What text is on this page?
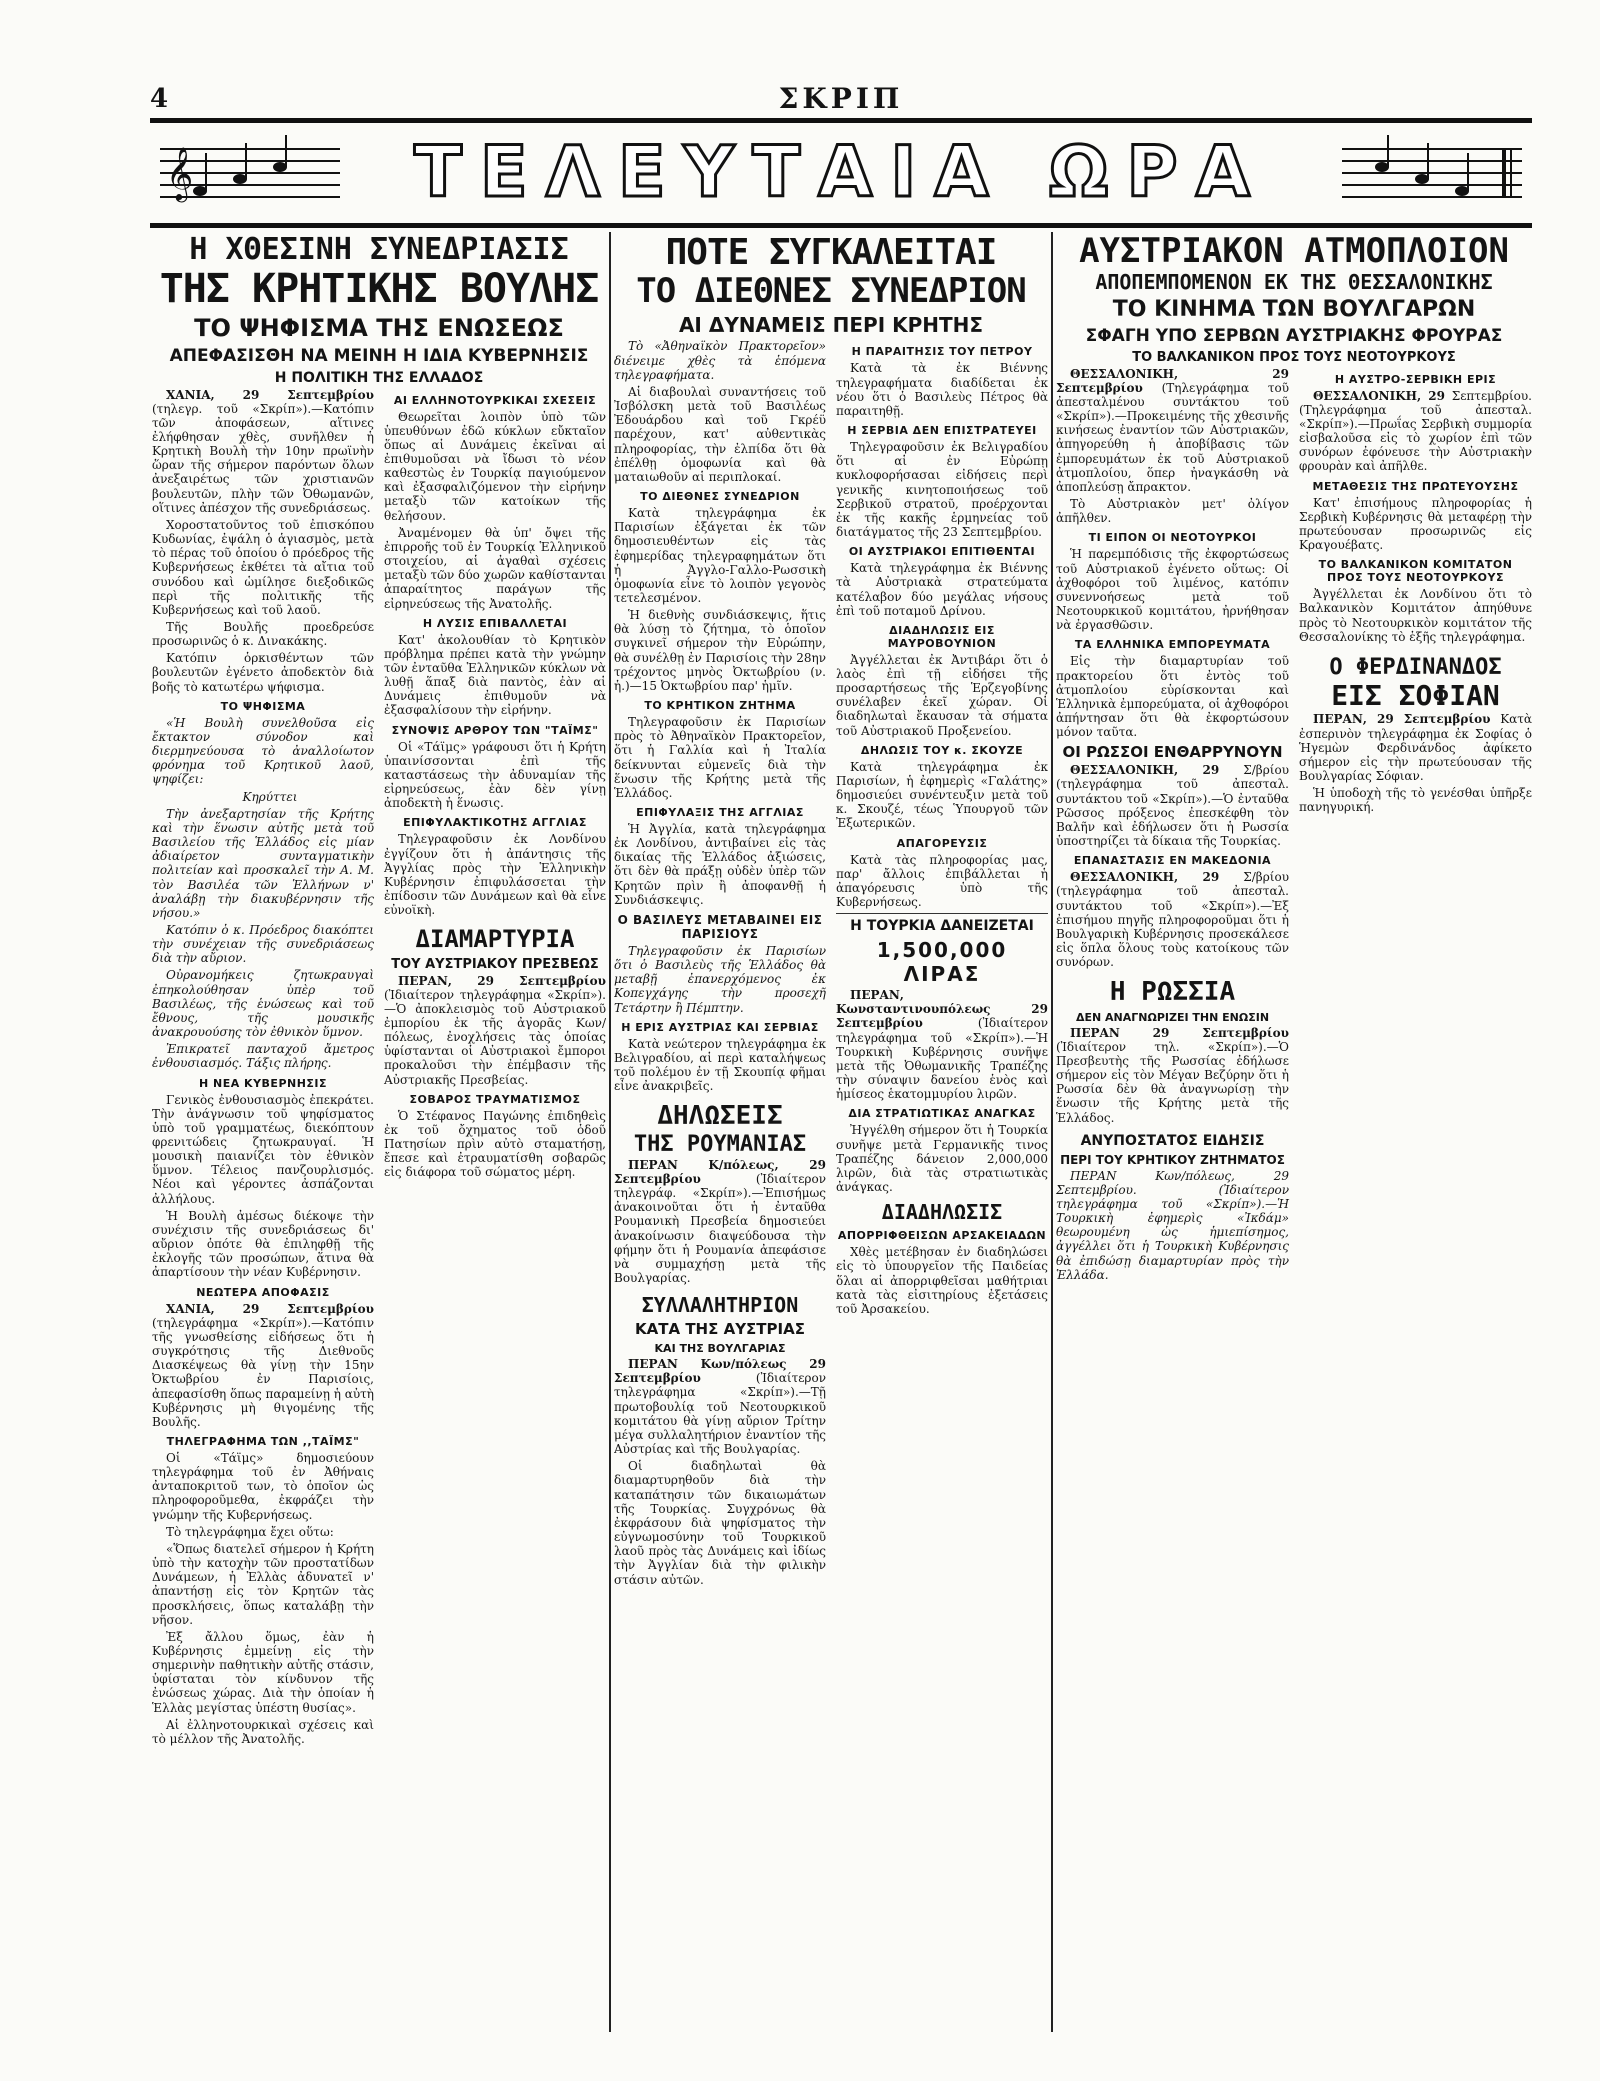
4	ΣΚΡΙΠ
𝄞	ΤΕΛΕΥΤΑΙΑ ΩΡΑ
Η ΧΘΕΣΙΝΗ ΣΥΝΕΔΡΙΑΣΙΣ
ΤΗΣ ΚΡΗΤΙΚΗΣ ΒΟΥΛΗΣ
ΤΟ ΨΗΦΙΣΜΑ ΤΗΣ ΕΝΩΣΕΩΣ
ΑΠΕΦΑΣΙΣΘΗ ΝΑ ΜΕΙΝΗ Η ΙΔΙΑ ΚΥΒΕΡΝΗΣΙΣ
Η ΠΟΛΙΤΙΚΗ ΤΗΣ ΕΛΛΑΔΟΣ

ΧΑΝΙΑ, 29 Σεπτεμβρίου (τηλεγρ. τοῦ «Σκρίπ»).—Κατόπιν τῶν ἀποφάσεων, αἵτινες ἐλήφθησαν χθὲς, συνῆλθεν ἡ Κρητικὴ Βουλὴ τὴν 10ην πρωϊνὴν ὥραν τῆς σήμερον παρόντων ὅλων ἀνεξαιρέτως τῶν χριστιανῶν βουλευτῶν, πλὴν τῶν Ὀθωμανῶν, οἵτινες ἀπέσχον τῆς συνεδριάσεως.

Χοροστατοῦντος τοῦ ἐπισκόπου Κυδωνίας, ἐψάλη ὁ ἁγιασμὸς, μετὰ τὸ πέρας τοῦ ὁποίου ὁ πρόεδρος τῆς Κυβερνήσεως ἐκθέτει τὰ αἴτια τοῦ συνόδου καὶ ὡμίλησε διεξοδικῶς περὶ τῆς πολιτικῆς τῆς Κυβερνήσεως καὶ τοῦ λαοῦ.

Τῆς Βουλῆς προεδρεύσε προσωρινῶς ὁ κ. Δινακάκης.

Κατόπιν ὁρκισθέντων τῶν βουλευτῶν ἐγένετο ἀποδεκτὸν διὰ βοῆς τὸ κατωτέρω ψήφισμα.

ΤΟ ΨΗΦΙΣΜΑ

«Ἡ Βουλὴ συνελθοῦσα εἰς ἔκτακτον σύνοδον καὶ διερμηνεύουσα τὸ ἀναλλοίωτον φρόνημα τοῦ Κρητικοῦ λαοῦ, ψηφίζει:

Κηρύττει

Τὴν ἀνεξαρτησίαν τῆς Κρήτης καὶ τὴν ἕνωσιν αὐτῆς μετὰ τοῦ Βασιλείου τῆς Ἑλλάδος εἰς μίαν ἀδιαίρετον συνταγματικὴν πολιτείαν καὶ προσκαλεῖ τὴν Α. Μ. τὸν Βασιλέα τῶν Ἑλλήνων ν' ἀναλάβῃ τὴν διακυβέρνησιν τῆς νήσου.»

Κατόπιν ὁ κ. Πρόεδρος διακόπτει τὴν συνέχειαν τῆς συνεδριάσεως διὰ τὴν αὔριον.

Οὐρανομήκεις ζητωκραυγαὶ ἐπηκολούθησαν ὑπὲρ τοῦ Βασιλέως, τῆς ἑνώσεως καὶ τοῦ ἔθνους, τῆς μουσικῆς ἀνακρουούσης τὸν ἐθνικὸν ὕμνον.

Ἐπικρατεῖ πανταχοῦ ἄμετρος ἐνθουσιασμός. Τάξις πλήρης.

Η ΝΕΑ ΚΥΒΕΡΝΗΣΙΣ

Γενικὸς ἐνθουσιασμὸς ἐπεκράτει. Τὴν ἀνάγνωσιν τοῦ ψηφίσματος ὑπὸ τοῦ γραμματέως, διεκόπτουν φρενιτώδεις ζητωκραυγαί. Ἡ μουσικὴ παιανίζει τὸν ἐθνικὸν ὕμνον. Τέλειος πανζουρλισμός. Νέοι καὶ γέροντες ἀσπάζονται ἀλλήλους.

Ἡ Βουλὴ ἀμέσως διέκοψε τὴν συνέχισιν τῆς συνεδριάσεως δι' αὔριον ὁπότε θὰ ἐπιληφθῇ τῆς ἐκλογῆς τῶν προσώπων, ἅτινα θὰ ἀπαρτίσουν τὴν νέαν Κυβέρνησιν.

ΝΕΩΤΕΡΑ ΑΠΟΦΑΣΙΣ

ΧΑΝΙΑ, 29 Σεπτεμβρίου (τηλεγράφημα «Σκρίπ»).—Κατόπιν τῆς γνωσθείσης εἰδήσεως ὅτι ἡ συγκρότησις τῆς Διεθνοῦς Διασκέψεως θὰ γίνῃ τὴν 15ην Ὀκτωβρίου ἐν Παρισίοις, ἀπεφασίσθη ὅπως παραμείνῃ ἡ αὐτὴ Κυβέρνησις μὴ θιγομένης τῆς Βουλῆς.

ΤΗΛΕΓΡΑΦΗΜΑ ΤΩΝ ,,ΤΑΪΜΣ"

Οἱ «Τάϊμς» δημοσιεύουν τηλεγράφημα τοῦ ἐν Ἀθήναις ἀνταποκριτοῦ των, τὸ ὁποῖον ὡς πληροφοροῦμεθα, ἐκφράζει τὴν γνώμην τῆς Κυβερνήσεως.

Τὸ τηλεγράφημα ἔχει οὕτω:

«Ὅπως διατελεῖ σήμερον ἡ Κρήτη ὑπὸ τὴν κατοχὴν τῶν προστατίδων Δυνάμεων, ἡ Ἑλλὰς ἀδυνατεῖ ν' ἀπαντήσῃ εἰς τὸν Κρητῶν τὰς προσκλήσεις, ὅπως καταλάβῃ τὴν νῆσον.

Ἐξ ἄλλου ὅμως, ἐὰν ἡ Κυβέρνησις ἐμμείνῃ εἰς τὴν σημερινὴν παθητικὴν αὐτῆς στάσιν, ὑφίσταται τὸν κίνδυνον τῆς ἐνώσεως χώρας. Διὰ τὴν ὁποίαν ἡ Ἑλλὰς μεγίστας ὑπέστη θυσίας».

Αἱ ἐλληνοτουρκικαὶ σχέσεις καὶ τὸ μέλλον τῆς Ἀνατολῆς.

ΑΙ ΕΛΛΗΝΟΤΟΥΡΚΙΚΑΙ ΣΧΕΣΕΙΣ

Θεωρεῖται λοιπὸν ὑπὸ τῶν ὑπευθύνων ἐδῶ κύκλων εὔκταῖον ὅπως αἱ Δυνάμεις ἐκεῖναι αἱ ἐπιθυμοῦσαι νὰ ἴδωσι τὸ νέον καθεστὼς ἐν Τουρκίᾳ παγιούμενον καὶ ἐξασφαλιζόμενον τὴν εἰρήνην μεταξὺ τῶν κατοίκων τῆς θελήσουν.

Ἀναμένομεν θὰ ὑπ' ὄψει τῆς ἐπιρροῆς τοῦ ἐν Τουρκίᾳ Ἑλληνικοῦ στοιχείου, αἱ ἀγαθαὶ σχέσεις μεταξὺ τῶν δύο χωρῶν καθίστανται ἀπαραίτητος παράγων τῆς εἰρηνεύσεως τῆς Ἀνατολῆς.

Η ΛΥΣΙΣ ΕΠΙΒΑΛΛΕΤΑΙ

Κατ' ἀκολουθίαν τὸ Κρητικὸν πρόβλημα πρέπει κατὰ τὴν γνώμην τῶν ἐνταῦθα Ἑλληνικῶν κύκλων νὰ λυθῇ ἅπαξ διὰ παντὸς, ἐὰν αἱ Δυνάμεις ἐπιθυμοῦν νὰ ἐξασφαλίσουν τὴν εἰρήνην.

ΣΥΝΟΨΙΣ ΑΡΘΡΟΥ ΤΩΝ "ΤΑΪΜΣ"

Οἱ «Τάϊμς» γράφουσι ὅτι ἡ Κρήτη ὑπαινίσσονται ἐπὶ τῆς καταστάσεως τὴν ἀδυναμίαν τῆς εἰρηνεύσεως, ἐὰν δὲν γίνῃ ἀποδεκτὴ ἡ ἕνωσις.

ΕΠΙΦΥΛΑΚΤΙΚΟΤΗΣ ΑΓΓΛΙΑΣ

Τηλεγραφοῦσιν ἐκ Λονδίνου ἐγγίζουν ὅτι ἡ ἀπάντησις τῆς Ἀγγλίας πρὸς τὴν Ἑλληνικὴν Κυβέρνησιν ἐπιφυλάσσεται τὴν ἐπίδοσιν τῶν Δυνάμεων καὶ θὰ εἶνε εὐνοϊκὴ.

ΔΙΑΜΑΡΤΥΡΙΑ
ΤΟΥ ΑΥΣΤΡΙΑΚΟΥ ΠΡΕΣΒΕΩΣ

ΠΕΡΑΝ, 29 Σεπτεμβρίου (Ἰδιαίτερον τηλεγράφημα «Σκρίπ»).—Ὁ ἀποκλεισμὸς τοῦ Αὐστριακοῦ ἐμπορίου ἐκ τῆς ἀγορᾶς Κων/πόλεως, ἐνοχλήσεις τὰς ὁποίας ὑφίστανται οἱ Αὐστριακοὶ ἔμποροι προκαλοῦσι τὴν ἐπέμβασιν τῆς Αὐστριακῆς Πρεσβείας.

ΣΟΒΑΡΟΣ ΤΡΑΥΜΑΤΙΣΜΟΣ

Ὁ Στέφανος Παγώνης ἐπιδηθεὶς ἐκ τοῦ ὄχηματος τοῦ ὁδοῦ Πατησίων πρὶν αὐτὸ σταματήσῃ, ἔπεσε καὶ ἐτραυματίσθη σοβαρῶς εἰς διάφορα τοῦ σώματος μέρη.

ΠΟΤΕ ΣΥΓΚΑΛΕΙΤΑΙ
ΤΟ ΔΙΕΘΝΕΣ ΣΥΝΕΔΡΙΟΝ
ΑΙ ΔΥΝΑΜΕΙΣ ΠΕΡΙ ΚΡΗΤΗΣ

Τὸ «Ἀθηναϊκὸν Πρακτορεῖον» διένειμε χθὲς τὰ ἑπόμενα τηλεγραφήματα.

Αἱ διαβουλαὶ συναντήσεις τοῦ Ἰσβόλσκη μετὰ τοῦ Βασιλέως Ἐδουάρδου καὶ τοῦ Γκρέϋ παρέχουν, κατ' αὐθεντικὰς πληροφορίας, τὴν ἐλπίδα ὅτι θὰ ἐπέλθῃ ὁμοφωνία καὶ θὰ ματαιωθοῦν αἱ περιπλοκαί.

ΤΟ ΔΙΕΘΝΕΣ ΣΥΝΕΔΡΙΟΝ

Κατὰ τηλεγράφημα ἐκ Παρισίων ἐξάγεται ἐκ τῶν δημοσιευθέντων εἰς τὰς ἐφημερίδας τηλεγραφημάτων ὅτι ἡ Ἀγγλο-Γαλλο-Ρωσσικὴ ὁμοφωνία εἶνε τὸ λοιπὸν γεγονὸς τετελεσμένον.

Ἡ διεθνὴς συνδιάσκεψις, ἥτις θὰ λύσῃ τὸ ζήτημα, τὸ ὁποῖον συγκινεῖ σήμερον τὴν Εὐρώπην, θὰ συνέλθῃ ἐν Παρισίοις τὴν 28ην τρέχοντος μηνὸς Ὀκτωβρίου (ν. ἡ.)—15 Ὀκτωβρίου παρ' ἡμῖν.

ΤΟ ΚΡΗΤΙΚΟΝ ΖΗΤΗΜΑ

Τηλεγραφοῦσιν ἐκ Παρισίων πρὸς τὸ Ἀθηναϊκὸν Πρακτορεῖον, ὅτι ἡ Γαλλία καὶ ἡ Ἰταλία δείκνυνται εὐμενεῖς διὰ τὴν ἕνωσιν τῆς Κρήτης μετὰ τῆς Ἑλλάδος.

ΕΠΙΦΥΛΑΞΙΣ ΤΗΣ ΑΓΓΛΙΑΣ

Ἡ Ἀγγλία, κατὰ τηλεγράφημα ἐκ Λονδίνου, ἀντιβαίνει εἰς τὰς δικαίας τῆς Ἑλλάδος ἀξιώσεις, ὅτι δὲν θὰ πράξῃ οὐδὲν ὑπὲρ τῶν Κρητῶν πρὶν ἢ ἀποφανθῇ ἡ Συνδιάσκεψις.

Ο ΒΑΣΙΛΕΥΣ ΜΕΤΑΒΑΙΝΕΙ ΕΙΣ ΠΑΡΙΣΙΟΥΣ

Τηλεγραφοῦσιν ἐκ Παρισίων ὅτι ὁ Βασιλεὺς τῆς Ἑλλάδος θὰ μεταβῇ ἐπανερχόμενος ἐκ Κοπεγχάγης τὴν προσεχῆ Τετάρτην ἢ Πέμπτην.

Η ΕΡΙΣ ΑΥΣΤΡΙΑΣ ΚΑΙ ΣΕΡΒΙΑΣ

Κατὰ νεώτερον τηλεγράφημα ἐκ Βελιγραδίου, αἱ περὶ καταλήψεως τοῦ πολέμου ἐν τῇ Σκουπίᾳ φῆμαι εἶνε ἀνακριβεῖς.

ΔΗΛΩΣΕΙΣ
ΤΗΣ ΡΟΥΜΑΝΙΑΣ

ΠΕΡΑΝ Κ/πόλεως, 29 Σεπτεμβρίου	(Ἰδιαίτερον τηλεγράφ. «Σκρίπ»).—Ἐπισήμως ἀνακοινοῦται ὅτι ἡ ἐνταῦθα Ρουμανικὴ Πρεσβεία δημοσιεύει ἀνακοίνωσιν διαψεύδουσα τὴν φήμην ὅτι ἡ Ρουμανία ἀπεφάσισε νὰ συμμαχήσῃ μετὰ τῆς Βουλγαρίας.

ΣΥΛΛΑΛΗΤΗΡΙΟΝ
ΚΑΤΑ ΤΗΣ ΑΥΣΤΡΙΑΣ
ΚΑΙ ΤΗΣ ΒΟΥΛΓΑΡΙΑΣ

ΠΕΡΑΝ Κων/πόλεως 29 Σεπτεμβρίου	(Ἰδιαίτερον τηλεγράφημα «Σκρίπ»).—Τῇ πρωτοβουλίᾳ τοῦ Νεοτουρκικοῦ κομιτάτου θὰ γίνῃ αὔριον Τρίτην μέγα συλλαλητήριον ἐναντίον τῆς Αὐστρίας καὶ τῆς Βουλγαρίας.

Οἱ διαδηλωταὶ θὰ διαμαρτυρηθοῦν διὰ τὴν καταπάτησιν τῶν δικαιωμάτων τῆς Τουρκίας. Συγχρόνως θὰ ἐκφράσουν διὰ ψηφίσματος τὴν εὐγνωμοσύνην τοῦ Τουρκικοῦ λαοῦ πρὸς τὰς Δυνάμεις καὶ ἰδίως τὴν Ἀγγλίαν διὰ τὴν φιλικὴν στάσιν αὐτῶν.

Η ΠΑΡΑΙΤΗΣΙΣ ΤΟΥ ΠΕΤΡΟΥ

Κατὰ τὰ ἐκ Βιέννης τηλεγραφήματα διαδίδεται ἐκ νέου ὅτι ὁ Βασιλεὺς Πέτρος θὰ παραιτηθῇ.

Η ΣΕΡΒΙΑ ΔΕΝ ΕΠΙΣΤΡΑΤΕΥΕΙ

Τηλεγραφοῦσιν ἐκ Βελιγραδίου ὅτι αἱ ἐν Εὐρώπῃ κυκλοφορήσασαι εἰδήσεις περὶ γενικῆς κινητοποιήσεως τοῦ Σερβικοῦ στρατοῦ, προέρχονται ἐκ τῆς κακῆς ἑρμηνείας τοῦ διατάγματος τῆς 23 Σεπτεμβρίου.

ΟΙ ΑΥΣΤΡΙΑΚΟΙ ΕΠΙΤΙΘΕΝΤΑΙ

Κατὰ τηλεγράφημα ἐκ Βιέννης τὰ Αὐστριακὰ στρατεύματα κατέλαβον δύο μεγάλας νήσους ἐπὶ τοῦ ποταμοῦ Δρίνου.

ΔΙΑΔΗΛΩΣΙΣ ΕΙΣ ΜΑΥΡΟΒΟΥΝΙΟΝ

Ἀγγέλλεται ἐκ Ἀντιβάρι ὅτι ὁ λαὸς ἐπὶ τῇ εἰδήσει τῆς προσαρτήσεως τῆς Ἑρζεγοβίνης συνέλαβεν ἐκεῖ χώραν. Οἱ διαδηλωταὶ ἔκαυσαν τὰ σήματα τοῦ Αὐστριακοῦ Προξενείου.

ΔΗΛΩΣΙΣ ΤΟΥ κ. ΣΚΟΥΖΕ

Κατὰ τηλεγράφημα ἐκ Παρισίων, ἡ ἐφημερὶς «Γαλάτης» δημοσιεύει συνέντευξιν μετὰ τοῦ κ. Σκουζέ, τέως Ὑπουργοῦ τῶν Ἐξωτερικῶν.

ΑΠΑΓΟΡΕΥΣΙΣ

Κατὰ τὰς πληροφορίας μας, παρ' ἄλλοις ἐπιβάλλεται ἡ ἀπαγόρευσις ὑπὸ τῆς Κυβερνήσεως.

Η ΤΟΥΡΚΙΑ ΔΑΝΕΙΖΕΤΑΙ
1,500,000 ΛΙΡΑΣ

ΠΕΡΑΝ, Κωνσταντινουπόλεως 29 Σεπτεμβρίου	(Ἰδιαίτερον τηλεγράφημα τοῦ «Σκρίπ»).—Ἡ Τουρκικὴ Κυβέρνησις συνῆψε μετὰ τῆς Ὀθωμανικῆς Τραπέζης τὴν σύναψιν δανείου ἑνὸς καὶ ἡμίσεος ἑκατομμυρίου λιρῶν.

ΔΙΑ ΣΤΡΑΤΙΩΤΙΚΑΣ ΑΝΑΓΚΑΣ

Ἠγγέλθη σήμερον ὅτι ἡ Τουρκία συνῆψε μετὰ Γερμανικῆς τινος Τραπέζης δάνειον 2,000,000 λιρῶν, διὰ τὰς στρατιωτικὰς ἀνάγκας.

ΔΙΑΔΗΛΩΣΙΣ
ΑΠΟΡΡΙΦΘΕΙΣΩΝ ΑΡΣΑΚΕΙΑΔΩΝ

Χθὲς μετέβησαν ἐν διαδηλώσει εἰς τὸ ὑπουργεῖον τῆς Παιδείας ὅλαι αἱ ἀπορριφθεῖσαι μαθήτριαι κατὰ τὰς εἰσιτηρίους ἐξετάσεις τοῦ Ἀρσακείου.

ΑΥΣΤΡΙΑΚΟΝ ΑΤΜΟΠΛΟΙΟΝ
ΑΠΟΠΕΜΠΟΜΕΝΟΝ ΕΚ ΤΗΣ ΘΕΣΣΑΛΟΝΙΚΗΣ
ΤΟ ΚΙΝΗΜΑ ΤΩΝ ΒΟΥΛΓΑΡΩΝ
ΣΦΑΓΗ ΥΠΟ ΣΕΡΒΩΝ ΑΥΣΤΡΙΑΚΗΣ ΦΡΟΥΡΑΣ
ΤΟ ΒΑΛΚΑΝΙΚΟΝ ΠΡΟΣ ΤΟΥΣ ΝΕΟΤΟΥΡΚΟΥΣ

ΘΕΣΣΑΛΟΝΙΚΗ, 29 Σεπτεμβρίου (Τηλεγράφημα τοῦ ἀπεσταλμένου συντάκτου τοῦ «Σκρίπ»).—Προκειμένης τῆς χθεσινῆς κινήσεως ἐναντίον τῶν Αὐστριακῶν, ἀπηγορεύθη ἡ ἀποβίβασις τῶν ἐμπορευμάτων ἐκ τοῦ Αὐστριακοῦ ἀτμοπλοίου, ὅπερ ἠναγκάσθη νὰ ἀποπλεύσῃ ἄπρακτον.

Τὸ Αὐστριακὸν μετ' ὀλίγον ἀπῆλθεν.

ΤΙ ΕΙΠΟΝ ΟΙ ΝΕΟΤΟΥΡΚΟΙ

Ἡ παρεμπόδισις τῆς ἐκφορτώσεως τοῦ Αὐστριακοῦ ἐγένετο οὕτως: Οἱ ἀχθοφόροι τοῦ λιμένος, κατόπιν συνεννοήσεως μετὰ τοῦ Νεοτουρκικοῦ κομιτάτου, ἠρνήθησαν νὰ ἐργασθῶσιν.

ΤΑ ΕΛΛΗΝΙΚΑ ΕΜΠΟΡΕΥΜΑΤΑ

Εἰς τὴν διαμαρτυρίαν τοῦ πρακτορείου ὅτι ἐντὸς τοῦ ἀτμοπλοίου εὑρίσκονται καὶ Ἑλληνικὰ ἐμπορεύματα, οἱ ἀχθοφόροι ἀπήντησαν ὅτι θὰ ἐκφορτώσουν μόνον ταῦτα.

ΟΙ ΡΩΣΣΟΙ ΕΝΘΑΡΡΥΝΟΥΝ

ΘΕΣΣΑΛΟΝΙΚΗ, 29 Σ/βρίου (τηλεγράφημα τοῦ ἀπεσταλ. συντάκτου τοῦ «Σκρίπ»).—Ὁ ἐνταῦθα Ρῶσσος πρόξενος ἐπεσκέφθη τὸν Βαλῆν καὶ ἐδήλωσεν ὅτι ἡ Ρωσσία ὑποστηρίζει τὰ δίκαια τῆς Τουρκίας.

ΕΠΑΝΑΣΤΑΣΙΣ ΕΝ ΜΑΚΕΔΟΝΙΑ

ΘΕΣΣΑΛΟΝΙΚΗ, 29 Σ/βρίου (τηλεγράφημα τοῦ ἀπεσταλ. συντάκτου τοῦ «Σκρίπ»).—Ἐξ ἐπισήμου πηγῆς πληροφοροῦμαι ὅτι ἡ Βουλγαρικὴ Κυβέρνησις προσεκάλεσε εἰς ὅπλα ὅλους τοὺς κατοίκους τῶν συνόρων.

Η ΡΩΣΣΙΑ
ΔΕΝ ΑΝΑΓΝΩΡΙΖΕΙ ΤΗΝ ΕΝΩΣΙΝ

ΠΕΡΑΝ 29 Σεπτεμβρίου (Ἰδιαίτερον τηλ. «Σκρίπ»).—Ὁ Πρεσβευτὴς τῆς Ρωσσίας ἐδήλωσε σήμερον εἰς τὸν Μέγαν Βεζύρην ὅτι ἡ Ρωσσία δὲν θὰ ἀναγνωρίσῃ τὴν ἕνωσιν τῆς Κρήτης μετὰ τῆς Ἑλλάδος.

ΑΝΥΠΟΣΤΑΤΟΣ ΕΙΔΗΣΙΣ
ΠΕΡΙ ΤΟΥ ΚΡΗΤΙΚΟΥ ΖΗΤΗΜΑΤΟΣ

ΠΕΡΑΝ Κων/πόλεως, 29 Σεπτεμβρίου. (Ἰδιαίτερον τηλεγράφημα τοῦ «Σκρίπ»).—Ἡ Τουρκικὴ ἐφημερὶς «Ἰκδάμ» θεωρουμένη ὡς ἡμιεπίσημος, ἀγγέλλει ὅτι ἡ Τουρκικὴ Κυβέρνησις θὰ ἐπιδώσῃ διαμαρτυρίαν πρὸς τὴν Ἑλλάδα.

Η ΑΥΣΤΡΟ-ΣΕΡΒΙΚΗ ΕΡΙΣ

ΘΕΣΣΑΛΟΝΙΚΗ, 29 Σεπτεμβρίου. (Τηλεγράφημα τοῦ ἀπεσταλ. «Σκρίπ»).—Πρωΐας Σερβικὴ συμμορία εἰσβαλοῦσα εἰς τὸ χωρίον ἐπὶ τῶν συνόρων ἐφόνευσε τὴν Αὐστριακὴν φρουρὰν καὶ ἀπῆλθε.

ΜΕΤΑΘΕΣΙΣ ΤΗΣ ΠΡΩΤΕΥΟΥΣΗΣ

Κατ' ἐπισήμους πληροφορίας ἡ Σερβικὴ Κυβέρνησις θὰ μεταφέρῃ τὴν πρωτεύουσαν προσωρινῶς εἰς Κραγουέβατς.

ΤΟ ΒΑΛΚΑΝΙΚΟΝ ΚΟΜΙΤΑΤΟΝ ΠΡΟΣ ΤΟΥΣ ΝΕΟΤΟΥΡΚΟΥΣ

Ἀγγέλλεται ἐκ Λονδίνου ὅτι τὸ Βαλκανικὸν Κομιτάτον ἀπηύθυνε πρὸς τὸ Νεοτουρκικὸν κομιτάτον τῆς Θεσσαλονίκης τὸ ἑξῆς τηλεγράφημα.

Ο ΦΕΡΔΙΝΑΝΔΟΣ
ΕΙΣ ΣΟΦΙΑΝ

ΠΕΡΑΝ, 29 Σεπτεμβρίου Κατὰ ἐσπερινὸν τηλεγράφημα ἐκ Σοφίας ὁ Ἡγεμὼν Φερδινάνδος ἀφίκετο σήμερον εἰς τὴν πρωτεύουσαν τῆς Βουλγαρίας Σόφιαν.

Ἡ ὑποδοχὴ τῆς τὸ γενέσθαι ὑπῆρξε πανηγυρική.
